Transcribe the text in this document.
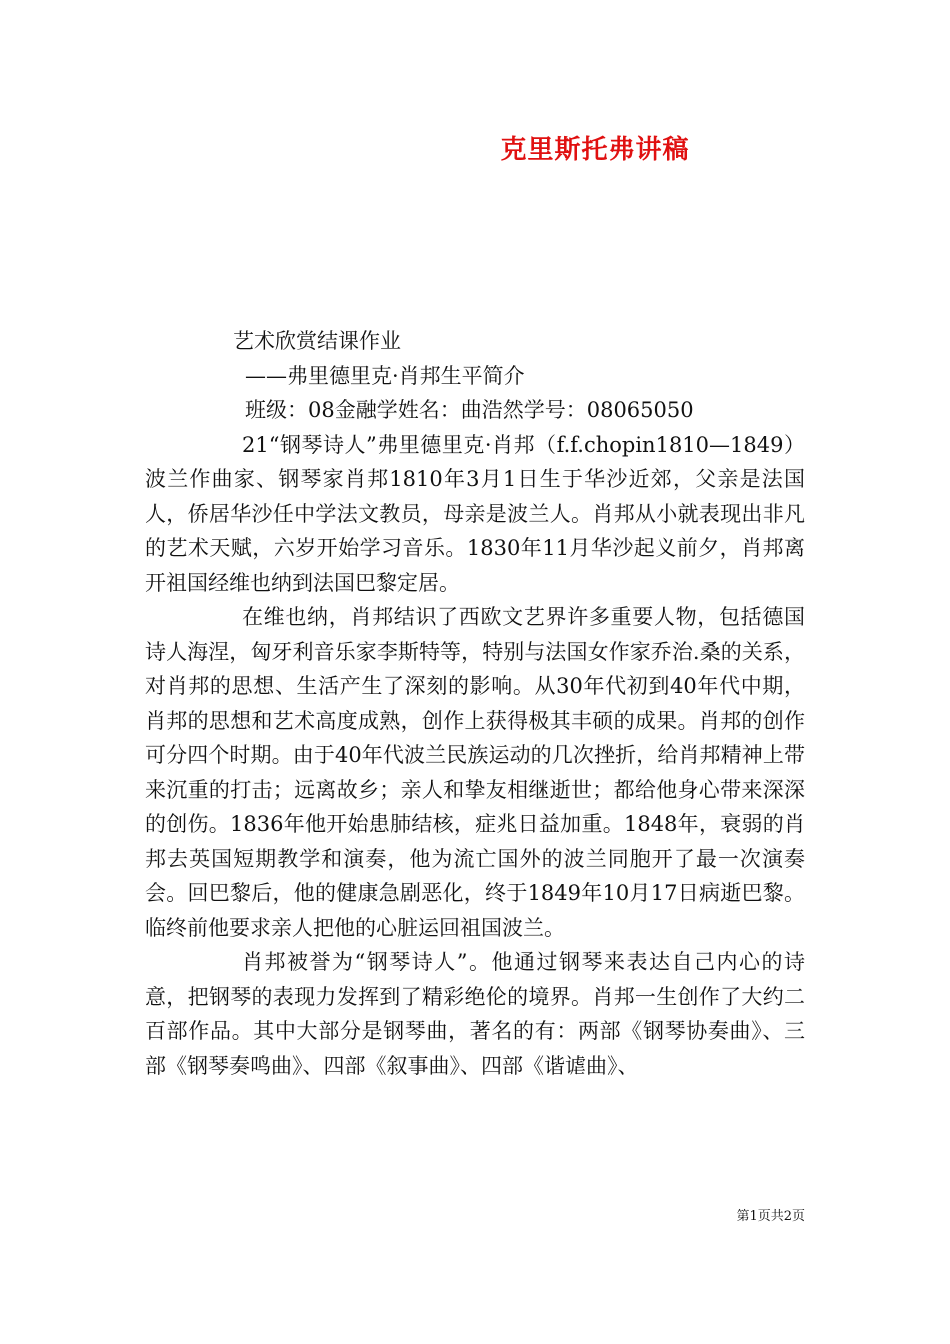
克里斯托弗讲稿

艺术欣赏结课作业

——弗里德里克·肖邦生平简介

班级：08金融学姓名：曲浩然学号：08065050

21“钢琴诗人”弗里德里克·肖邦（f.f.chopin1810—1849）波兰作曲家、钢琴家肖邦1810年3月1日生于华沙近郊，父亲是法国人，侨居华沙任中学法文教员，母亲是波兰人。肖邦从小就表现出非凡的艺术天赋，六岁开始学习音乐。1830年11月华沙起义前夕，肖邦离开祖国经维也纳到法国巴黎定居。

在维也纳，肖邦结识了西欧文艺界许多重要人物，包括德国诗人海涅，匈牙利音乐家李斯特等，特别与法国女作家乔治.桑的关系，对肖邦的思想、生活产生了深刻的影响。从30年代初到40年代中期，肖邦的思想和艺术高度成熟，创作上获得极其丰硕的成果。肖邦的创作可分四个时期。由于40年代波兰民族运动的几次挫折，给肖邦精神上带来沉重的打击；远离故乡；亲人和挚友相继逝世；都给他身心带来深深的创伤。1836年他开始患肺结核，症兆日益加重。1848年，衰弱的肖邦去英国短期教学和演奏，他为流亡国外的波兰同胞开了最一次演奏会。回巴黎后，他的健康急剧恶化，终于1849年10月17日病逝巴黎。临终前他要求亲人把他的心脏运回祖国波兰。

肖邦被誉为“钢琴诗人”。他通过钢琴来表达自己内心的诗意，把钢琴的表现力发挥到了精彩绝伦的境界。肖邦一生创作了大约二百部作品。其中大部分是钢琴曲，著名的有：两部《钢琴协奏曲》、三部《钢琴奏鸣曲》、四部《叙事曲》、四部《谐谑曲》、

第1页共2页
